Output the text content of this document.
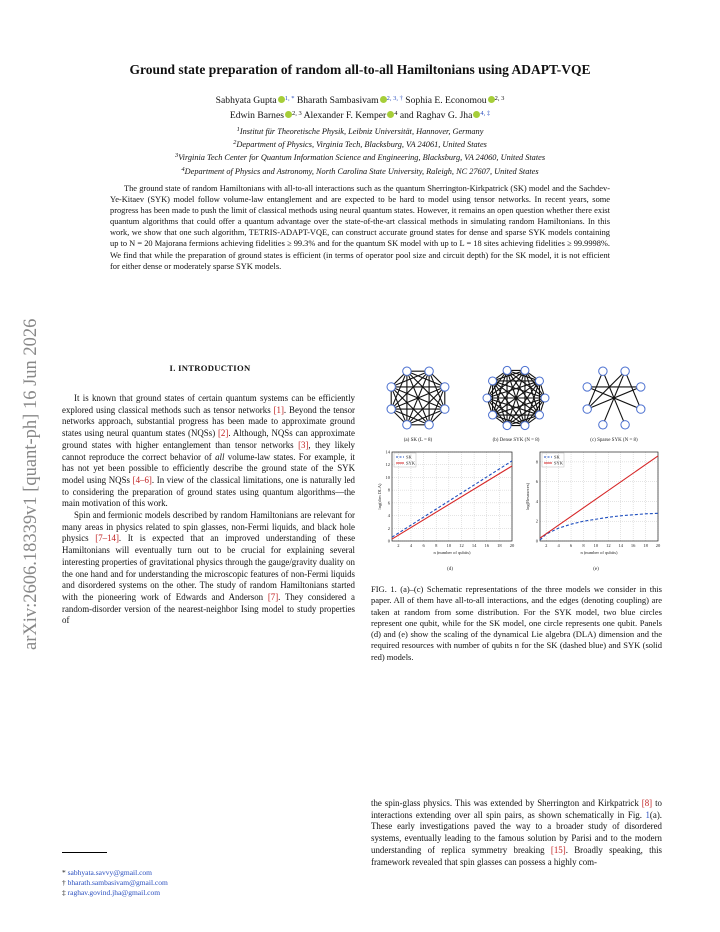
arXiv:2606.18339v1 [quant-ph] 16 Jun 2026
Ground state preparation of random all-to-all Hamiltonians using ADAPT-VQE
Sabhyata Gupta $^{1, *}$ Bharath Sambasivam $^{2, 3, \dagger}$ Sophia E. Economou $^{2, 3}$
Edwin Barnes $^{2, 3}$ Alexander F. Kemper $^4$ and Raghav G. Jha $^{4, \ddagger}$
$^1$Institut für Theoretische Physik, Leibniz Universität, Hannover, Germany
$^2$Department of Physics, Virginia Tech, Blacksburg, VA 24061, United States
$^3$Virginia Tech Center for Quantum Information Science and Engineering, Blacksburg, VA 24060, United States
$^4$Department of Physics and Astronomy, North Carolina State University, Raleigh, NC 27607, United States
The ground state of random Hamiltonians with all-to-all interactions such as the quantum Sherrington-Kirkpatrick (SK) model and the Sachdev-Ye-Kitaev (SYK) model follow volume-law entanglement and are expected to be hard to model using tensor networks. In recent years, some progress has been made to push the limit of classical methods using neural quantum states. However, it remains an open question whether there exist quantum algorithms that could offer a quantum advantage over the state-of-the-art classical methods in simulating random Hamiltonians. In this work, we show that one such algorithm, TETRIS-ADAPT-VQE, can construct accurate ground states for dense and sparse SYK models containing up to N = 20 Majorana fermions achieving fidelities ≥ 99.3% and for the quantum SK model with up to L = 18 sites achieving fidelities ≥ 99.9998%. We find that while the preparation of ground states is efficient (in terms of operator pool size and circuit depth) for the SK model, it is not efficient for either dense or moderately sparse SYK models.
I. INTRODUCTION

It is known that ground states of certain quantum systems can be efficiently explored using classical methods such as tensor networks [1]. Beyond the tensor networks approach, substantial progress has been made to approximate ground states using neural quantum states (NQSs) [2]. Although, NQSs can approximate ground states with higher entanglement than tensor networks [3], they likely cannot reproduce the correct behavior of all volume-law states. For example, it has not yet been possible to efficiently describe the ground state of the SYK model using NQSs [4–6]. In view of the classical limitations, one is naturally led to considering the preparation of ground states using quantum algorithms—the main motivation of this work.

Spin and fermionic models described by random Hamiltonians are relevant for many areas in physics related to spin glasses, non-Fermi liquids, and black hole physics [7–14]. It is expected that an improved understanding of these Hamiltonians will eventually turn out to be crucial for explaining several interesting properties of gravitational physics through the gauge/gravity duality on the one hand and for understanding the microscopic features of non-Fermi liquids and disordered systems on the other. The study of random Hamiltonians started with the pioneering work of Edwards and Anderson [7]. They considered a random-disorder version of the nearest-neighbor Ising model to study properties of

(a) SK (L = 8)	(b) Dense SYK (N = 8)	(c) Sparse SYK (N = 8)
2 4 6 8 10 12 14 16 18 20
0
2
4
6
8
10
12
14
n (number of qubits)
log(dim DLA)
SK
SYK
2 4 6 8 10 12 14 16 18 20
0
2
4
6
8
n (number of qubits)
log(Resources)
SK
SYK
(d)	(e)
FIG. 1. (a)–(c) Schematic representations of the three models we consider in this paper. All of them have all-to-all interactions, and the edges (denoting coupling) are taken at random from some distribution. For the SYK model, two blue circles represent one qubit, while for the SK model, one circle represents one qubit. Panels (d) and (e) show the scaling of the dynamical Lie algebra (DLA) dimension and the required resources with number of qubits n for the SK (dashed blue) and SYK (solid red) models.

the spin-glass physics. This was extended by Sherrington and Kirkpatrick [8] to interactions extending over all spin pairs, as shown schematically in Fig. 1(a). These early investigations paved the way to a broader study of disordered systems, eventually leading to the famous solution by Parisi and to the modern understanding of replica symmetry breaking [15]. Broadly speaking, this framework revealed that spin glasses can possess a highly com-

* sabhyata.savvy@gmail.com
† bharath.sambasivam@gmail.com
‡ raghav.govind.jha@gmail.com
